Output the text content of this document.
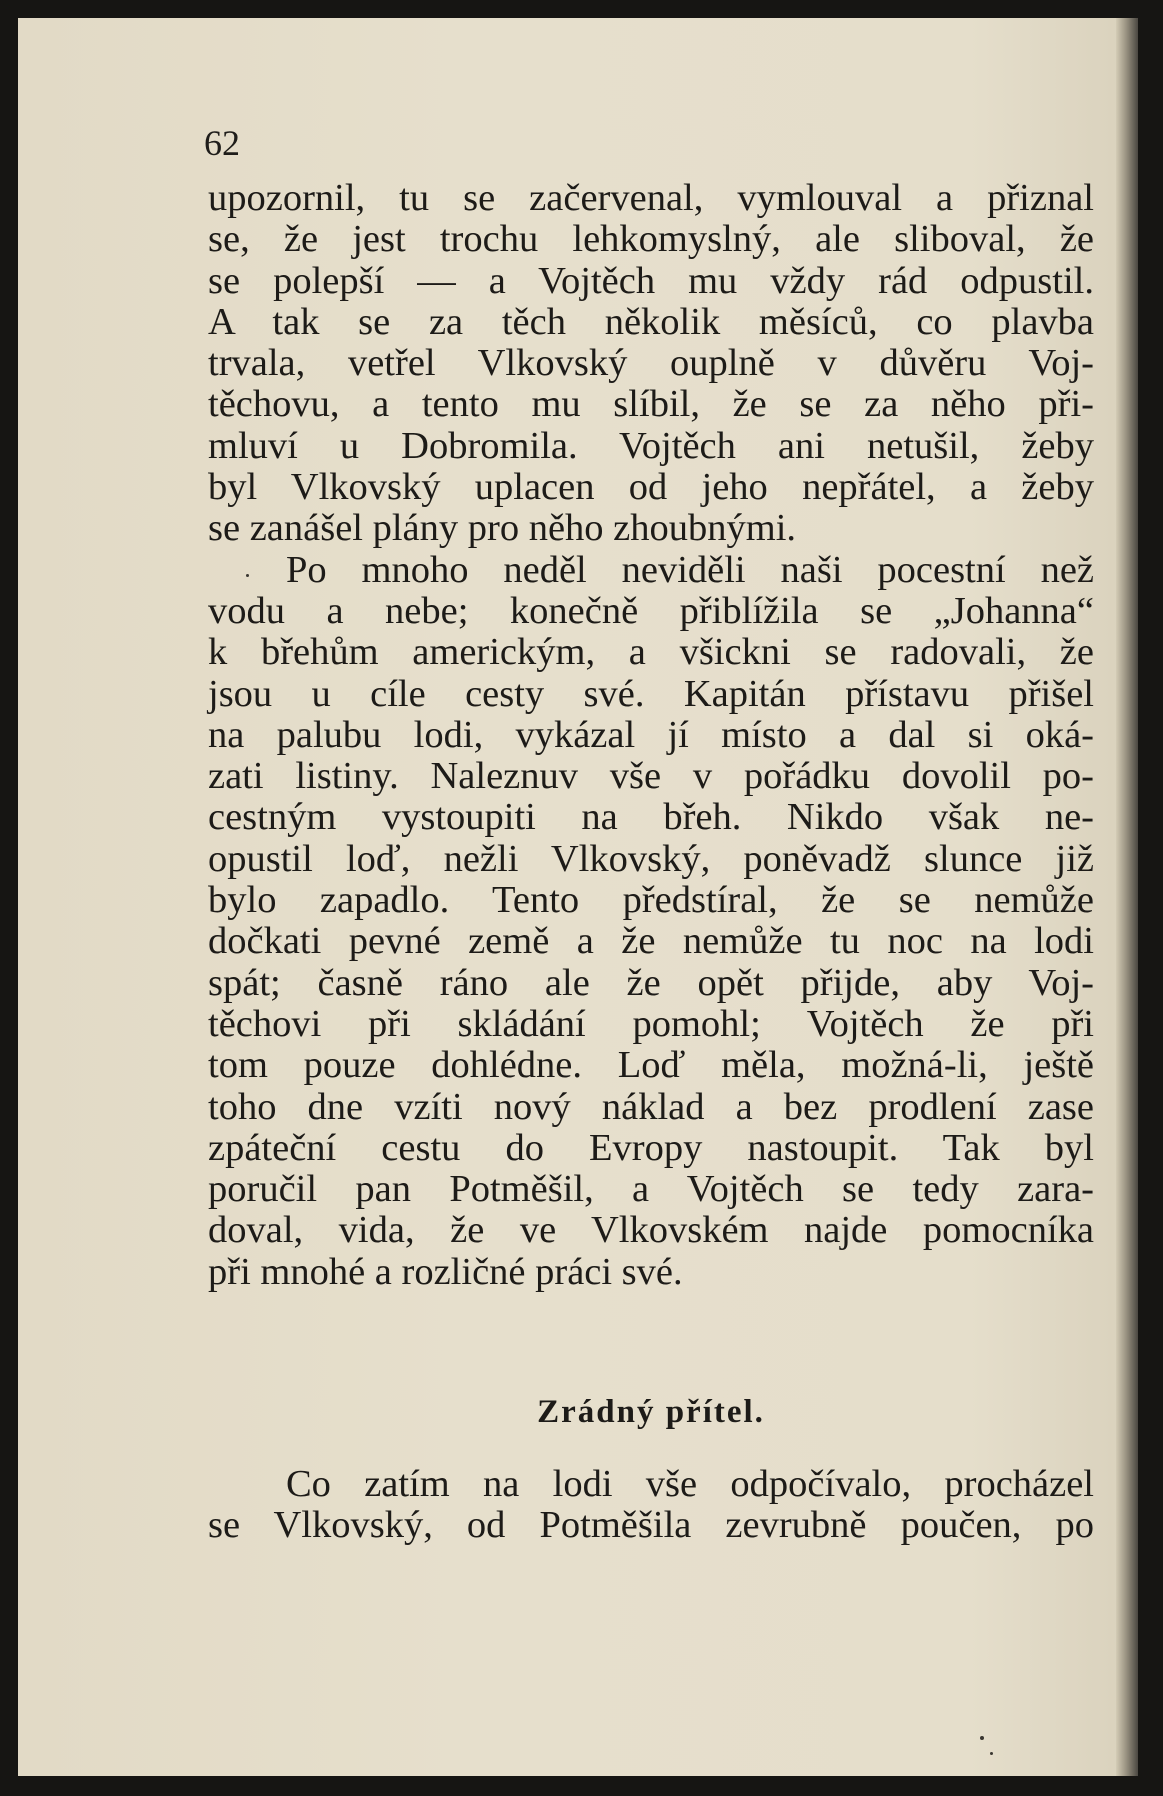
62
upozornil, tu se začervenal, vymlouval a přiznal
se, že jest trochu lehkomyslný, ale sliboval, že
se polepší — a Vojtěch mu vždy rád odpustil.
A tak se za těch několik měsíců, co plavba
trvala, vetřel Vlkovský ouplně v důvěru Voj-
těchovu, a tento mu slíbil, že se za něho při-
mluví u Dobromila. Vojtěch ani netušil, žeby
byl Vlkovský uplacen od jeho nepřátel, a žeby
se zanášel plány pro něho zhoubnými.
Po mnoho neděl neviděli naši pocestní než
vodu a nebe; konečně přiblížila se „Johanna“
k břehům americkým, a všickni se radovali, že
jsou u cíle cesty své. Kapitán přístavu přišel
na palubu lodi, vykázal jí místo a dal si oká-
zati listiny. Naleznuv vše v pořádku dovolil po-
cestným vystoupiti na břeh. Nikdo však ne-
opustil loď, nežli Vlkovský, poněvadž slunce již
bylo zapadlo. Tento předstíral, že se nemůže
dočkati pevné země a že nemůže tu noc na lodi
spát; časně ráno ale že opět přijde, aby Voj-
těchovi při skládání pomohl; Vojtěch že při
tom pouze dohlédne. Loď měla, možná-li, ještě
toho dne vzíti nový náklad a bez prodlení zase
zpáteční cestu do Evropy nastoupit. Tak byl
poručil pan Potměšil, a Vojtěch se tedy zara-
doval, vida, že ve Vlkovském najde pomocníka
při mnohé a rozličné práci své.
Zrádný přítel.
Co zatím na lodi vše odpočívalo, procházel
se Vlkovský, od Potměšila zevrubně poučen, po
